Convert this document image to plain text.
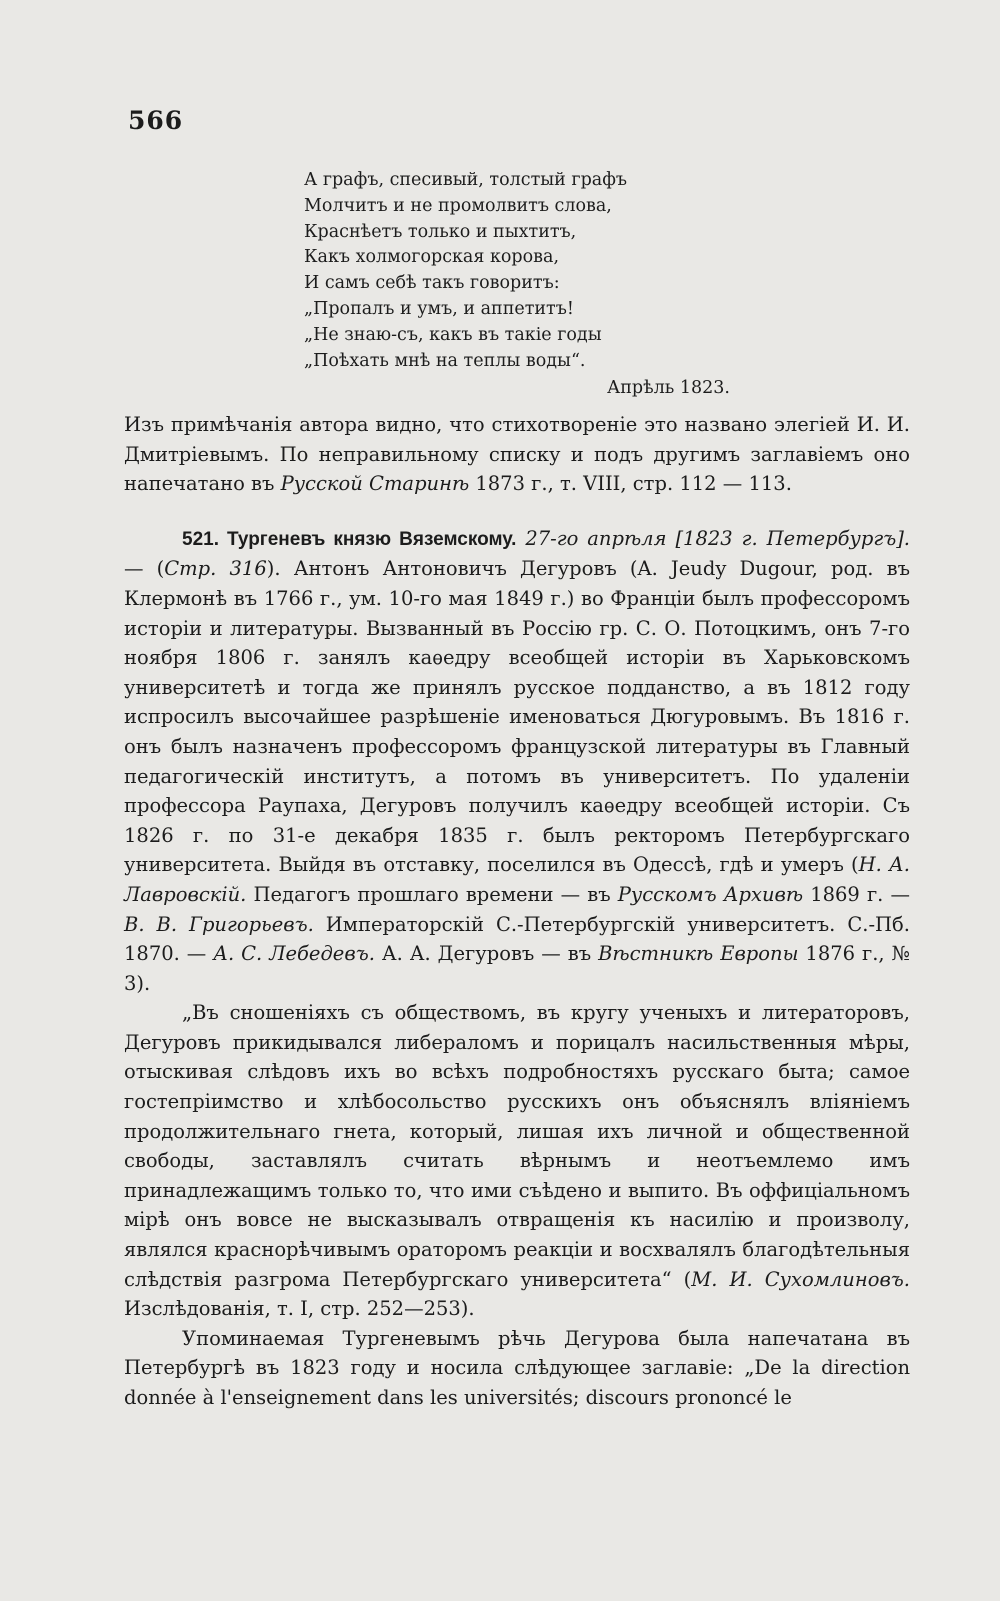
566
А графъ, спесивый, толстый графъ
Молчитъ и не промолвитъ слова,
Краснѣетъ только и пыхтитъ,
Какъ холмогорская корова,
И самъ себѣ такъ говоритъ:
„Пропалъ и умъ, и аппетитъ!
„Не знаю-съ, какъ въ такіе годы
„Поѣхать мнѣ на теплы воды“.
Апрѣль 1823.

Изъ примѣчанія автора видно, что стихотвореніе это названо элегіей И. И. Дмитріевымъ. По неправильному списку и подъ другимъ заглавіемъ оно напечатано въ Русской Старинѣ 1873 г., т. VIII, стр. 112 — 113.

521. Тургеневъ князю Вяземскому. 27-го апрѣля [1823 г. Петербургъ]. — (Стр. 316). Антонъ Антоновичъ Дегуровъ (A. Jeudy Dugour, род. въ Клермонѣ въ 1766 г., ум. 10-го мая 1849 г.) во Франціи былъ профессоромъ исторіи и литературы. Вызванный въ Россію гр. С. О. Потоцкимъ, онъ 7-го ноября 1806 г. занялъ каѳедру всеобщей исторіи въ Харьковскомъ университетѣ и тогда же принялъ русское подданство, а въ 1812 году испросилъ высочайшее разрѣшеніе именоваться Дюгуровымъ. Въ 1816 г. онъ былъ назначенъ профессоромъ французской литературы въ Главный педагогическій институтъ, а потомъ въ университетъ. По удаленіи профессора Раупаха, Дегуровъ получилъ каѳедру всеобщей исторіи. Съ 1826 г. по 31-е декабря 1835 г. былъ ректоромъ Петербургскаго университета. Выйдя въ отставку, поселился въ Одессѣ, гдѣ и умеръ (Н. А. Лавровскій. Педагогъ прошлаго времени — въ Русскомъ Архивѣ 1869 г. — В. В. Григорьевъ. Императорскій С.-Петербургскій университетъ. С.-Пб. 1870. — А. С. Лебедевъ. А. А. Дегуровъ — въ Вѣстникѣ Европы 1876 г., № 3).

„Въ сношеніяхъ съ обществомъ, въ кругу ученыхъ и литераторовъ, Дегуровъ прикидывался либераломъ и порицалъ насильственныя мѣры, отыскивая слѣдовъ ихъ во всѣхъ подробностяхъ русскаго быта; самое гостепріимство и хлѣбосольство русскихъ онъ объяснялъ вліяніемъ продолжительнаго гнета, который, лишая ихъ личной и общественной свободы, заставлялъ считать вѣрнымъ и неотъемлемо имъ принадлежащимъ только то, что ими съѣдено и выпито. Въ оффиціальномъ мірѣ онъ вовсе не высказывалъ отвращенія къ насилію и произволу, являлся краснорѣчивымъ ораторомъ реакціи и восхвалялъ благодѣтельныя слѣдствія разгрома Петербургскаго университета“ (М. И. Сухомлиновъ. Изслѣдованія, т. I, стр. 252—253).

Упоминаемая Тургеневымъ рѣчь Дегурова была напечатана въ Петербургѣ въ 1823 году и носила слѣдующее заглавіе: „De la direction donnée à l'enseignement dans les universités; discours prononcé le
